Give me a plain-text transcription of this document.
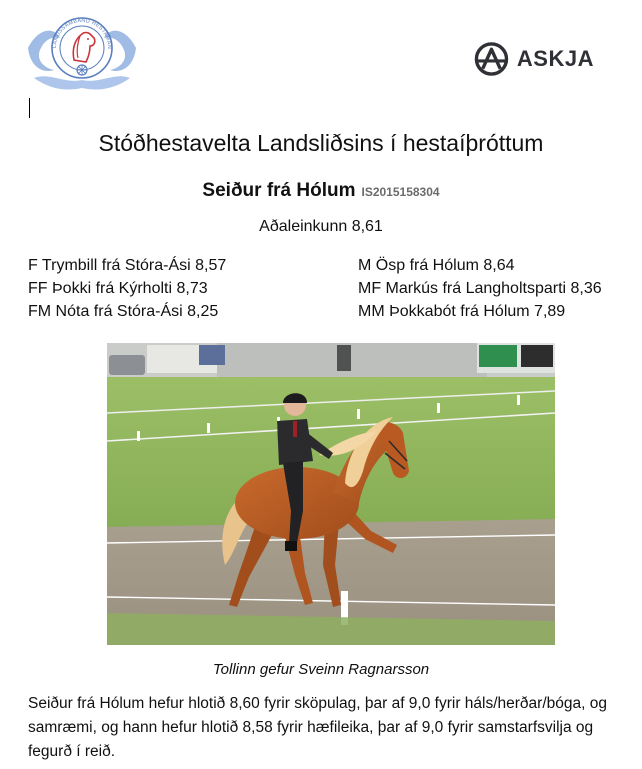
LANDSSAMBAND HESTAMAN	ASKJA
Stóðhestavelta Landsliðsins í hestaíþróttum
Seiður frá Hólum IS2015158304
Aðaleinkunn 8,61
F Trymbill frá Stóra-Ási 8,57
FF Þokki frá Kýrholti 8,73
FM Nóta frá Stóra-Ási 8,25
M Ösp frá Hólum 8,64
MF Markús frá Langholtsparti 8,36
MM Þokkabót frá Hólum 7,89
Tollinn gefur Sveinn Ragnarsson
Seiður frá Hólum hefur hlotið 8,60 fyrir sköpulag, þar af 9,0 fyrir háls/herðar/bóga, og samræmi, og hann hefur hlotið 8,58 fyrir hæfileika, þar af 9,0 fyrir samstarfsvilja og fegurð í reið.
